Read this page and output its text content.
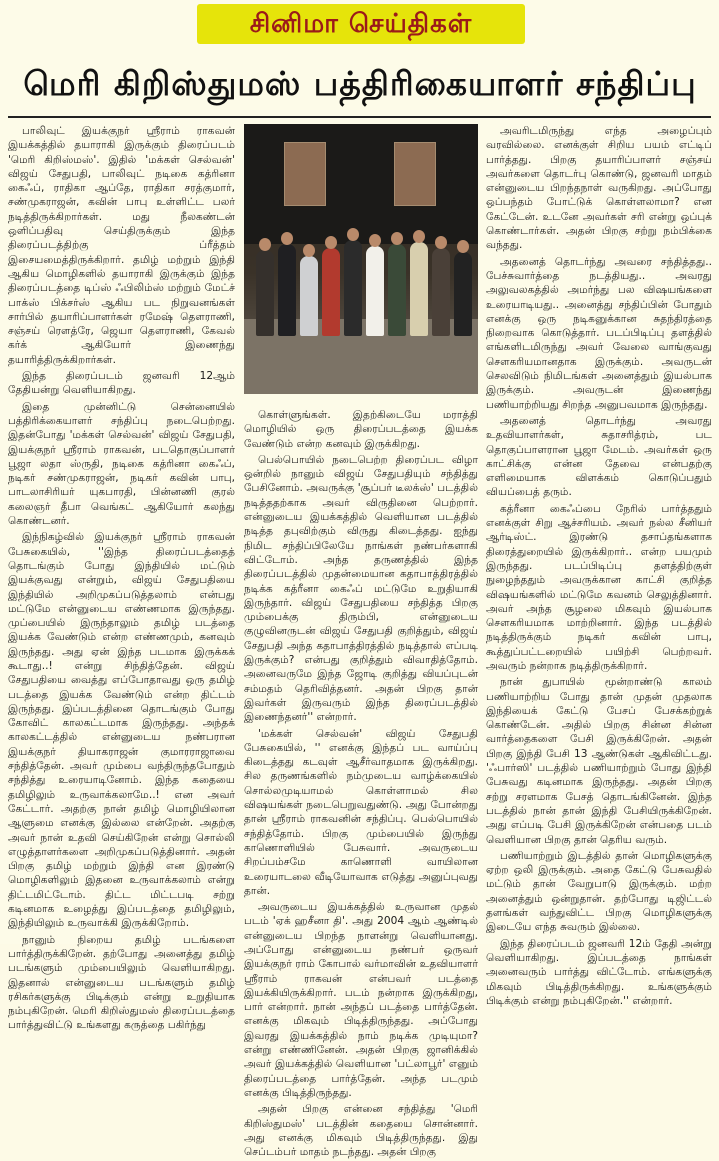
சினிமா செய்திகள்
மெரி கிறிஸ்துமஸ் பத்திரிகையாளர் சந்திப்பு

பாலிவுட் இயக்குநர் ஸ்ரீராம் ராகவன் இயக்கத்தில் தயாராகி இருக்கும் திரைப்படம் 'மெரி கிறிஸ்மஸ்'. இதில் 'மக்கள் செல்வன்' விஜய் சேதுபதி, பாலிவுட் நடிகை கத்ரினா கைஃப், ராதிகா ஆப்தே, ராதிகா சரத்குமார், சண்முகராஜன், கவின் பாபு உள்ளிட்ட பலர் நடித்திருக்கிறார்கள். மது நீலகண்டன் ஒளிப்பதிவு செய்திருக்கும் இந்த திரைப்படத்திற்கு ப்ரீத்தம் இசையமைத்திருக்கிறார். தமிழ் மற்றும் இந்தி ஆகிய மொழிகளில் தயாராகி இருக்கும் இந்த திரைப்படத்தை டிப்ஸ் ஃபிலிம்ஸ் மற்றும் மேட்ச் பாக்ஸ் பிக்சர்ஸ் ஆகிய பட நிறுவனங்கள் சார்பில் தயாரிப்பாளர்கள் ரமேஷ் தௌராணி, சஞ்சய் ரௌத்ரே, ஜெயா தௌராணி, கேவல் கர்க் ஆகியோர் இணைந்து தயாரித்திருக்கிறார்கள்.

இந்த திரைப்படம் ஜனவரி 12ஆம் தேதியன்று வெளியாகிறது.

இதை முன்னிட்டு சென்னையில் பத்திரிக்கையாளர் சந்திப்பு நடைபெற்றது. இதன்போது 'மக்கள் செல்வன்' விஜய் சேதுபதி, இயக்குநர் ஸ்ரீராம் ராகவன், படதொகுப்பாளர் பூஜா லதா ஸ்ருதி, நடிகை கத்ரினா கைஃப், நடிகர் சண்முகராஜன், நடிகர் கவின் பாபு, பாடலாசிரியர் யுகபாரதி, பின்னணி குரல் கலைஞர் தீபா வெங்கட் ஆகியோர் கலந்து கொண்டனர்.

இந்நிகழ்வில் இயக்குநர் ஸ்ரீராம் ராகவன் பேசுகையில், ''இந்த திரைப்படத்தைத் தொடங்கும் போது இந்தியில் மட்டும் இயக்குவது என்றும், விஜய் சேதுபதியை இந்தியில் அறிமுகப்படுத்தலாம் என்பது மட்டுமே என்னுடைய எண்ணமாக இருந்தது. முப்பையில் இருந்தாலும் தமிழ் படத்தை இயக்க வேண்டும் என்ற எண்ணமும், கனவும் இருந்தது. அது ஏன் இந்த படமாக இருக்கக் கூடாது..! என்று சிந்தித்தேன். விஜய் சேதுபதியை வைத்து எப்போதாவது ஒரு தமிழ் படத்தை இயக்க வேண்டும் என்ற திட்டம் இருந்தது. இப்படத்தினை தொடங்கும் போது கோவிட் காலகட்டமாக இருந்தது. அந்தக் காலகட்டத்தில் என்னுடைய நண்பரான இயக்குநர் தியாகராஜன் குமாரராஜாவை சந்தித்தேன். அவர் மும்பை வந்திருந்தபோதும் சந்தித்து உரையாடினோம். இந்த கதையை தமிழிலும் உருவாக்கலாமே..! என அவர் கேட்டார். அதற்கு நான் தமிழ் மொழியிலான ஆளுமை எனக்கு இல்லை என்றேன். அதற்கு அவர் நான் உதவி செய்கிறேன் என்று சொல்லி எழுத்தாளர்களை அறிமுகப்படுத்தினார். அதன் பிறகு தமிழ் மற்றும் இந்தி என இரண்டு மொழிகளிலும் இதனை உருவாக்கலாம் என்று திட்டமிட்டோம். திட்ட மிட்டபடி சற்று கடினமாக உழைத்து இப்படத்தை தமிழிலும், இந்தியிலும் உருவாக்கி இருக்கிறோம்.

நானும் நிறைய தமிழ் படங்களை பார்த்திருக்கிறேன். தற்போது அனைத்து தமிழ் படங்களும் மும்பையிலும் வெளியாகிறது. இதனால் என்னுடைய படங்களும் தமிழ் ரசிகர்களுக்கு பிடிக்கும் என்று உறுதியாக நம்புகிறேன். மெரி கிறிஸ்துமஸ் திரைப்படத்தை பார்த்துவிட்டு உங்களது கருத்தை பகிர்ந்து

கொள்ளுங்கள். இதற்கிடையே மராத்தி மொழியில் ஒரு திரைப்படத்தை இயக்க வேண்டும் என்ற கனவும் இருக்கிறது.

பெல்பொயில் நடைபெற்ற திரைப்பட விழா ஒன்றில் நானும் விஜய் சேதுபதியும் சந்தித்து பேசினோம். அவருக்கு 'சூப்பர் டீலக்ஸ்' படத்தில் நடித்ததற்காக அவர் விருதினை பெற்றார். என்னுடைய இயக்கத்தில் வெளியான படத்தில் நடித்த தபுவிற்கும் விருது கிடைத்தது. ஐந்து நிமிட சந்திப்பிலேயே நாங்கள் நண்பர்களாகி விட்டோம். அந்த தருணத்தில் இந்த திரைப்படத்தில் முதன்மையான கதாபாத்திரத்தில் நடிக்க கத்ரீனா கைஃப் மட்டுமே உறுதியாகி இருந்தார். விஜய் சேதுபதியை சந்தித்த பிறகு மும்பைக்கு திரும்பி, என்னுடைய குழுவினருடன் விஜய் சேதுபதி குறித்தும், விஜய் சேதுபதி அந்த கதாபாத்திரத்தில் நடித்தால் எப்படி இருக்கும்? என்பது குறித்தும் விவாதித்தோம். அனைவருமே இந்த ஜோடி குறித்து வியப்புடன் சம்மதம் தெரிவித்தனர். அதன் பிறகு தான் இவர்கள் இருவரும் இந்த திரைப்படத்தில் இணைந்தனர்'' என்றார்.

'மக்கள் செல்வன்' விஜய் சேதுபதி பேசுகையில், '' எனக்கு இந்தப் பட வாய்ப்பு கிடைத்தது கடவுள் ஆசீர்வாதமாக இருக்கிறது. சில தருணங்களில் நம்முடைய வாழ்க்கையில் சொல்லமுடியாமல் கொள்ளாமல் சில விஷயங்கள் நடைபெறுவதுண்டு. அது போன்றது தான் ஸ்ரீராம் ராகவனின் சந்திப்பு. பெல்பொயில் சந்தித்தோம். பிறகு மும்பையில் இருந்து காணொளியில் பேசுவார். அவருடைய சிறப்பம்சமே காணொளி வாயிலான உரையாடலை வீடியோவாக எடுத்து அனுப்புவது தான்.

அவருடைய இயக்கத்தில் உருவான முதல் படம் 'ஏக் ஹசீனா தி'. அது 2004 ஆம் ஆண்டில் என்னுடைய பிறந்த நாளன்று வெளியானது. அப்போது என்னுடைய நண்பர் ஒருவர் இயக்குநர் ராம் கோபால் வர்மாவின் உதவியாளர் ஸ்ரீராம் ராகவன் என்பவர் படத்தை இயக்கியிருக்கிறார். படம் நன்றாக இருக்கிறது, பார் என்றார். நான் அந்தப் படத்தை பார்த்தேன். எனக்கு மிகவும் பிடித்திருந்தது. அப்போது இவரது இயக்கத்தில் நாம் நடிக்க முடியுமா? என்று எண்ணினேன். அதன் பிறகு ஜானிக்கில் அவர் இயக்கத்தில் வெளியான 'பட்லாபூர்' எனும் திரைப்படத்தை பார்த்தேன். அந்த படமும் எனக்கு பிடித்திருந்தது.

அதன் பிறகு என்னை சந்தித்து 'மெரி கிறிஸ்துமஸ்' படத்தின் கதையை சொன்னார். அது எனக்கு மிகவும் பிடித்திருந்தது. இது செப்டம்பர் மாதம் நடந்தது. அதன் பிறகு

அவரிடமிருந்து எந்த அழைப்பும் வரவில்லை. எனக்குள் சிறிய பயம் எட்டிப் பார்த்தது. பிறகு தயாரிப்பாளர் சஞ்சய் அவர்களை தொடர்பு கொண்டு, ஜனவரி மாதம் என்னுடைய பிறந்தநாள் வருகிறது. அப்போது ஒப்பந்தம் போட்டுக் கொள்ளலாமா? என கேட்டேன். உடனே அவர்கள் சரி என்று ஒப்புக் கொண்டார்கள். அதன் பிறகு சற்று நம்பிக்கை வந்தது.

அதனைத் தொடர்ந்து அவரை சந்தித்தது.. பேச்சுவார்த்தை நடத்தியது.. அவரது அலுவலகத்தில் அமர்ந்து பல விஷயங்களை உரையாடியது.. அனைத்து சந்திப்பின் போதும் எனக்கு ஒரு நடிகனுக்கான சுதந்திரத்தை நிறைவாக கொடுத்தார். படப்பிடிப்பு தளத்தில் எங்களிடமிருந்து அவர் வேலை வாங்குவது சௌகரியமானதாக இருக்கும். அவருடன் செலவிடும் நிமிடங்கள் அனைத்தும் இயல்பாக இருக்கும். அவருடன் இணைந்து பணியாற்றியது சிறந்த அனுபவமாக இருந்தது.

அதனைத் தொடர்ந்து அவரது உதவியாளர்கள், சுதாசரித்ரம், பட தொகுப்பாளரான பூஜா மேடம். அவர்கள் ஒரு காட்சிக்கு என்ன தேவை என்பதற்கு எளிமையாக விளக்கம் கொடுப்பதும் வியப்பைத் தரும்.

கத்ரீனா கைஃப்பை நேரில் பார்த்ததும் எனக்குள் சிறு ஆச்சரியம். அவர் நல்ல சீனியர் ஆர்டிஸ்ட். இரண்டு தசாப்தங்களாக திரைத்துறையில் இருக்கிறார்.. என்ற பயமும் இருந்தது. படப்பிடிப்பு தளத்திற்குள் நுழைந்ததும் அவருக்கான காட்சி குறித்த விஷயங்களில் மட்டுமே கவனம் செலுத்தினார். அவர் அந்த சூழலை மிகவும் இயல்பாக சௌகரியமாக மாற்றினார். இந்த படத்தில் நடித்திருக்கும் நடிகர் கவின் பாபு, கூத்துப்பட்டறையில் பயிற்சி பெற்றவர். அவரும் நன்றாக நடித்திருக்கிறார்.

நான் துபாயில் மூன்றாண்டு காலம் பணியாற்றிய போது தான் முதன் முதலாக இந்தியைக் கேட்டு பேசப் பேசக்கற்றுக் கொண்டேன். அதில் பிறகு சின்ன சின்ன வார்த்தைகளை பேசி இருக்கிறேன். அதன் பிறகு இந்தி பேசி 13 ஆண்டுகள் ஆகிவிட்டது. 'ஃபார்ஸி' படத்தில் பணியாற்றும் போது இந்தி பேசுவது கடினமாக இருந்தது. அதன் பிறகு சற்று சரளமாக பேசத் தொடங்கினேன். இந்த படத்தில் நான் தான் இந்தி பேசியிருக்கிறேன். அது எப்படி பேசி இருக்கிறேன் என்பதை படம் வெளியான பிறகு தான் தெரிய வரும்.

பணியாற்றும் இடத்தில் தான் மொழிகளுக்கு ஏற்ற ஒலி இருக்கும். அதை கேட்டு பேசுவதில் மட்டும் தான் வேறுபாடு இருக்கும். மற்ற அனைத்தும் ஒன்றுதான். தற்போது டிஜிட்டல் தளங்கள் வந்துவிட்ட பிறகு மொழிகளுக்கு இடையே எந்த சுவரும் இல்லை.

இந்த திரைப்படம் ஜனவரி 12ம் தேதி அன்று வெளியாகிறது. இப்படத்தை நாங்கள் அனைவரும் பார்த்து விட்டோம். எங்களுக்கு மிகவும் பிடித்திருக்கிறது. உங்களுக்கும் பிடிக்கும் என்று நம்புகிறேன்.'' என்றார்.
